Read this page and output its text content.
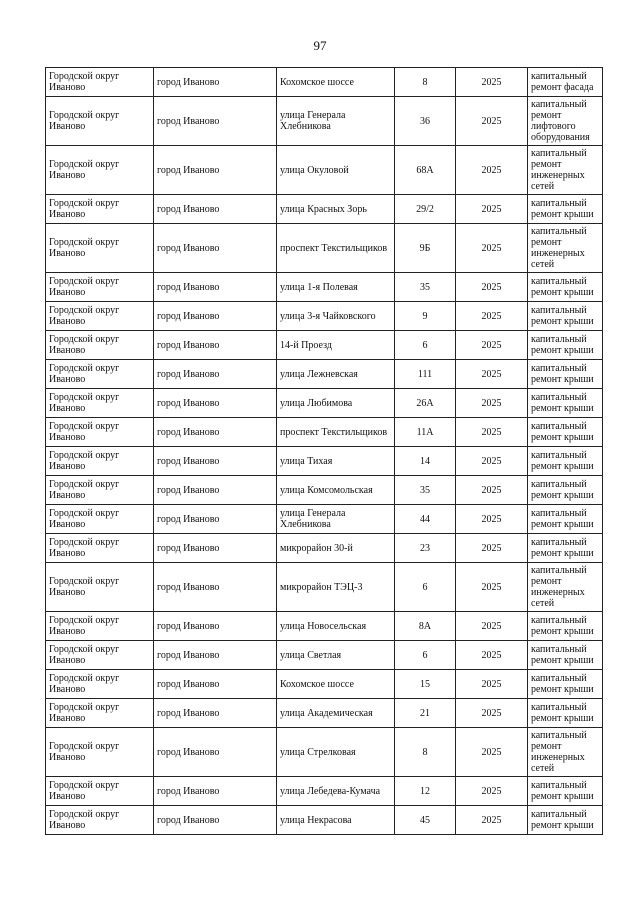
97
Городской округ Иваново	город Иваново	Кохомское шоссе	8	2025	капитальный ремонт фасада
Городской округ Иваново	город Иваново	улица Генерала Хлебникова	36	2025	капитальный ремонт лифтового оборудования
Городской округ Иваново	город Иваново	улица Окуловой	68А	2025	капитальный ремонт инженерных сетей
Городской округ Иваново	город Иваново	улица Красных Зорь	29/2	2025	капитальный ремонт крыши
Городской округ Иваново	город Иваново	проспект Текстильщиков	9Б	2025	капитальный ремонт инженерных сетей
Городской округ Иваново	город Иваново	улица 1-я Полевая	35	2025	капитальный ремонт крыши
Городской округ Иваново	город Иваново	улица 3-я Чайковского	9	2025	капитальный ремонт крыши
Городской округ Иваново	город Иваново	14-й Проезд	6	2025	капитальный ремонт крыши
Городской округ Иваново	город Иваново	улица Лежневская	111	2025	капитальный ремонт крыши
Городской округ Иваново	город Иваново	улица Любимова	26А	2025	капитальный ремонт крыши
Городской округ Иваново	город Иваново	проспект Текстильщиков	11А	2025	капитальный ремонт крыши
Городской округ Иваново	город Иваново	улица Тихая	14	2025	капитальный ремонт крыши
Городской округ Иваново	город Иваново	улица Комсомольская	35	2025	капитальный ремонт крыши
Городской округ Иваново	город Иваново	улица Генерала Хлебникова	44	2025	капитальный ремонт крыши
Городской округ Иваново	город Иваново	микрорайон 30-й	23	2025	капитальный ремонт крыши
Городской округ Иваново	город Иваново	микрорайон ТЭЦ-3	6	2025	капитальный ремонт инженерных сетей
Городской округ Иваново	город Иваново	улица Новосельская	8А	2025	капитальный ремонт крыши
Городской округ Иваново	город Иваново	улица Светлая	6	2025	капитальный ремонт крыши
Городской округ Иваново	город Иваново	Кохомское шоссе	15	2025	капитальный ремонт крыши
Городской округ Иваново	город Иваново	улица Академическая	21	2025	капитальный ремонт крыши
Городской округ Иваново	город Иваново	улица Стрелковая	8	2025	капитальный ремонт инженерных сетей
Городской округ Иваново	город Иваново	улица Лебедева-Кумача	12	2025	капитальный ремонт крыши
Городской округ Иваново	город Иваново	улица Некрасова	45	2025	капитальный ремонт крыши
